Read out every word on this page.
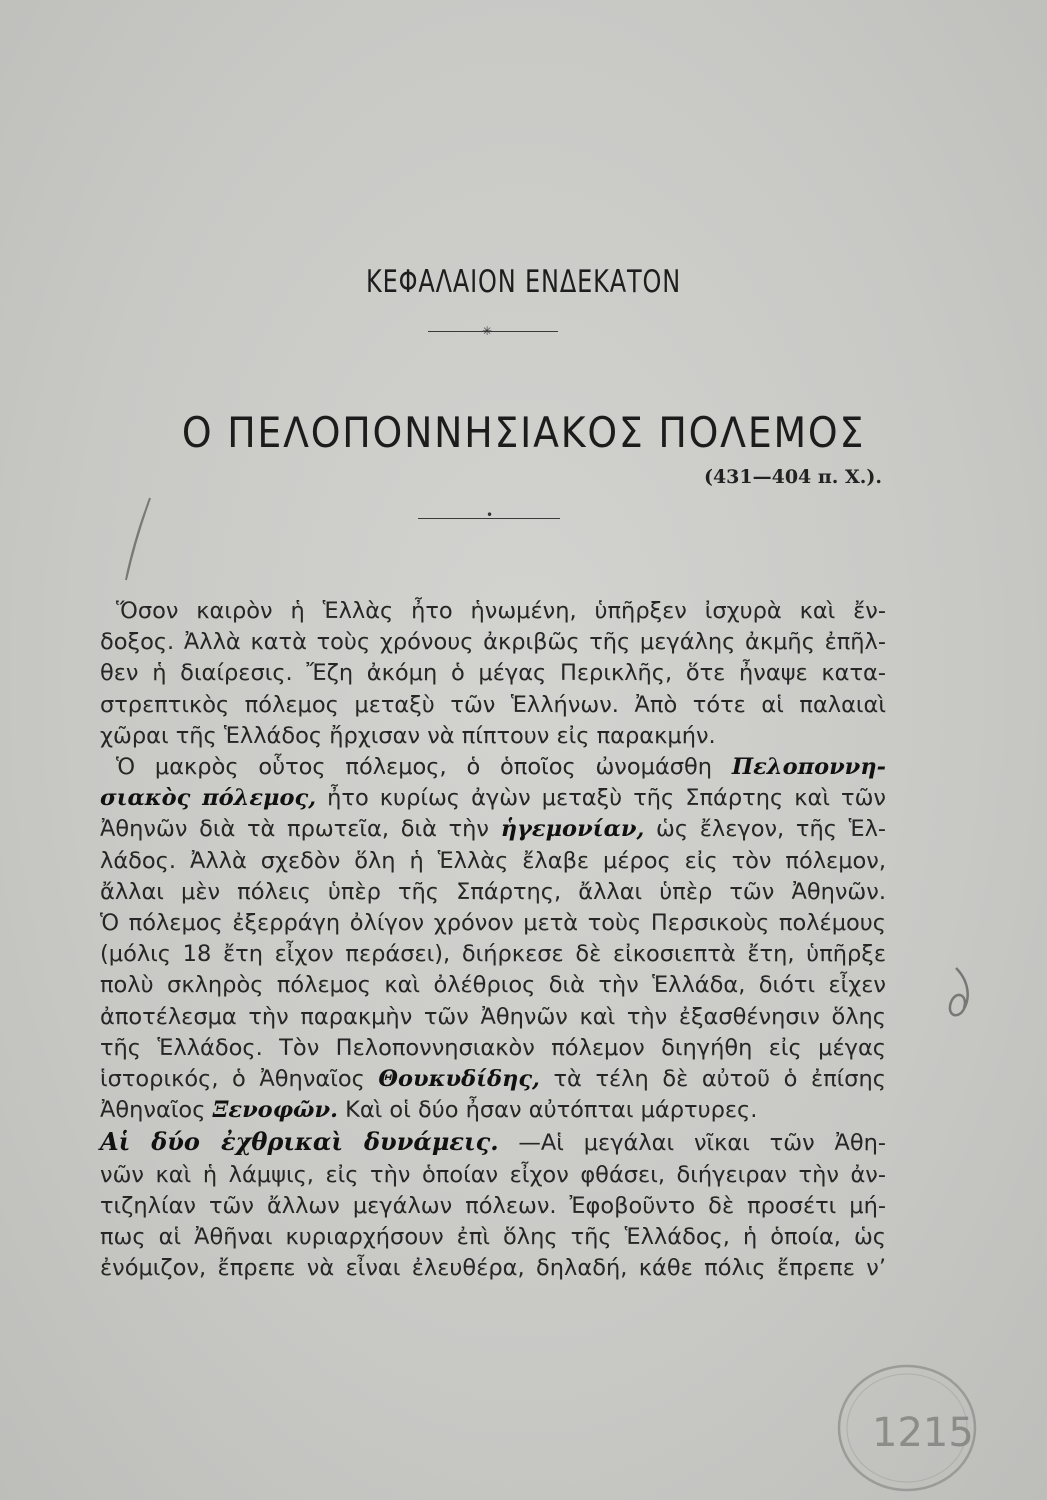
ΚΕΦΑΛΑΙΟΝ ΕΝΔΕΚΑΤΟΝ
✳
Ο ΠΕΛΟΠΟΝΝΗΣΙΑΚΟΣ ΠΟΛΕΜΟΣ
(431—404 π. Χ.).
•
1215
Ὅσον καιρὸν ἡ Ἑλλὰς ἦτο ἡνωμένη, ὑπῆρξεν ἰσχυρὰ καὶ ἔν-
δοξος. Ἀλλὰ κατὰ τοὺς χρόνους ἀκριβῶς τῆς μεγάλης ἀκμῆς ἐπῆλ-
θεν ἡ διαίρεσις. Ἔζη ἀκόμη ὁ μέγας Περικλῆς, ὅτε ἦναψε κατα-
στρεπτικὸς πόλεμος μεταξὺ τῶν Ἑλλήνων. Ἀπὸ τότε αἱ παλαιαὶ
χῶραι τῆς Ἑλλάδος ἤρχισαν νὰ πίπτουν εἰς παρακμήν.
Ὁ μακρὸς οὗτος πόλεμος, ὁ ὁποῖος ὠνομάσθη Πελοποννη-
σιακὸς πόλεμος, ἦτο κυρίως ἀγὼν μεταξὺ τῆς Σπάρτης καὶ τῶν
Ἀθηνῶν διὰ τὰ πρωτεῖα, διὰ τὴν ἡγεμονίαν, ὡς ἔλεγον, τῆς Ἑλ-
λάδος. Ἀλλὰ σχεδὸν ὅλη ἡ Ἑλλὰς ἔλαβε μέρος εἰς τὸν πόλεμον,
ἄλλαι μὲν πόλεις ὑπὲρ τῆς Σπάρτης, ἄλλαι ὑπὲρ τῶν Ἀθηνῶν.
Ὁ πόλεμος ἐξερράγη ὀλίγον χρόνον μετὰ τοὺς Περσικοὺς πολέμους
(μόλις 18 ἔτη εἶχον περάσει), διήρκεσε δὲ εἰκοσιεπτὰ ἔτη, ὑπῆρξε
πολὺ σκληρὸς πόλεμος καὶ ὀλέθριος διὰ τὴν Ἑλλάδα, διότι εἶχεν
ἀποτέλεσμα τὴν παρακμὴν τῶν Ἀθηνῶν καὶ τὴν ἐξασθένησιν ὅλης
τῆς Ἑλλάδος. Τὸν Πελοποννησιακὸν πόλεμον διηγήθη εἰς μέγας
ἱστορικός, ὁ Ἀθηναῖος Θουκυδίδης, τὰ τέλη δὲ αὐτοῦ ὁ ἐπίσης
Ἀθηναῖος Ξενοφῶν. Καὶ οἱ δύο ἦσαν αὐτόπται μάρτυρες.
Αἱ δύο ἐχθρικαὶ δυνάμεις. —Αἱ μεγάλαι νῖκαι τῶν Ἀθη-
νῶν καὶ ἡ λάμψις, εἰς τὴν ὁποίαν εἶχον φθάσει, διήγειραν τὴν ἀν-
τιζηλίαν τῶν ἄλλων μεγάλων πόλεων. Ἐφοβοῦντο δὲ προσέτι μή-
πως αἱ Ἀθῆναι κυριαρχήσουν ἐπὶ ὅλης τῆς Ἑλλάδος, ἡ ὁποία, ὡς
ἐνόμιζον, ἔπρεπε νὰ εἶναι ἐλευθέρα, δηλαδή, κάθε πόλις ἔπρεπε ν’
